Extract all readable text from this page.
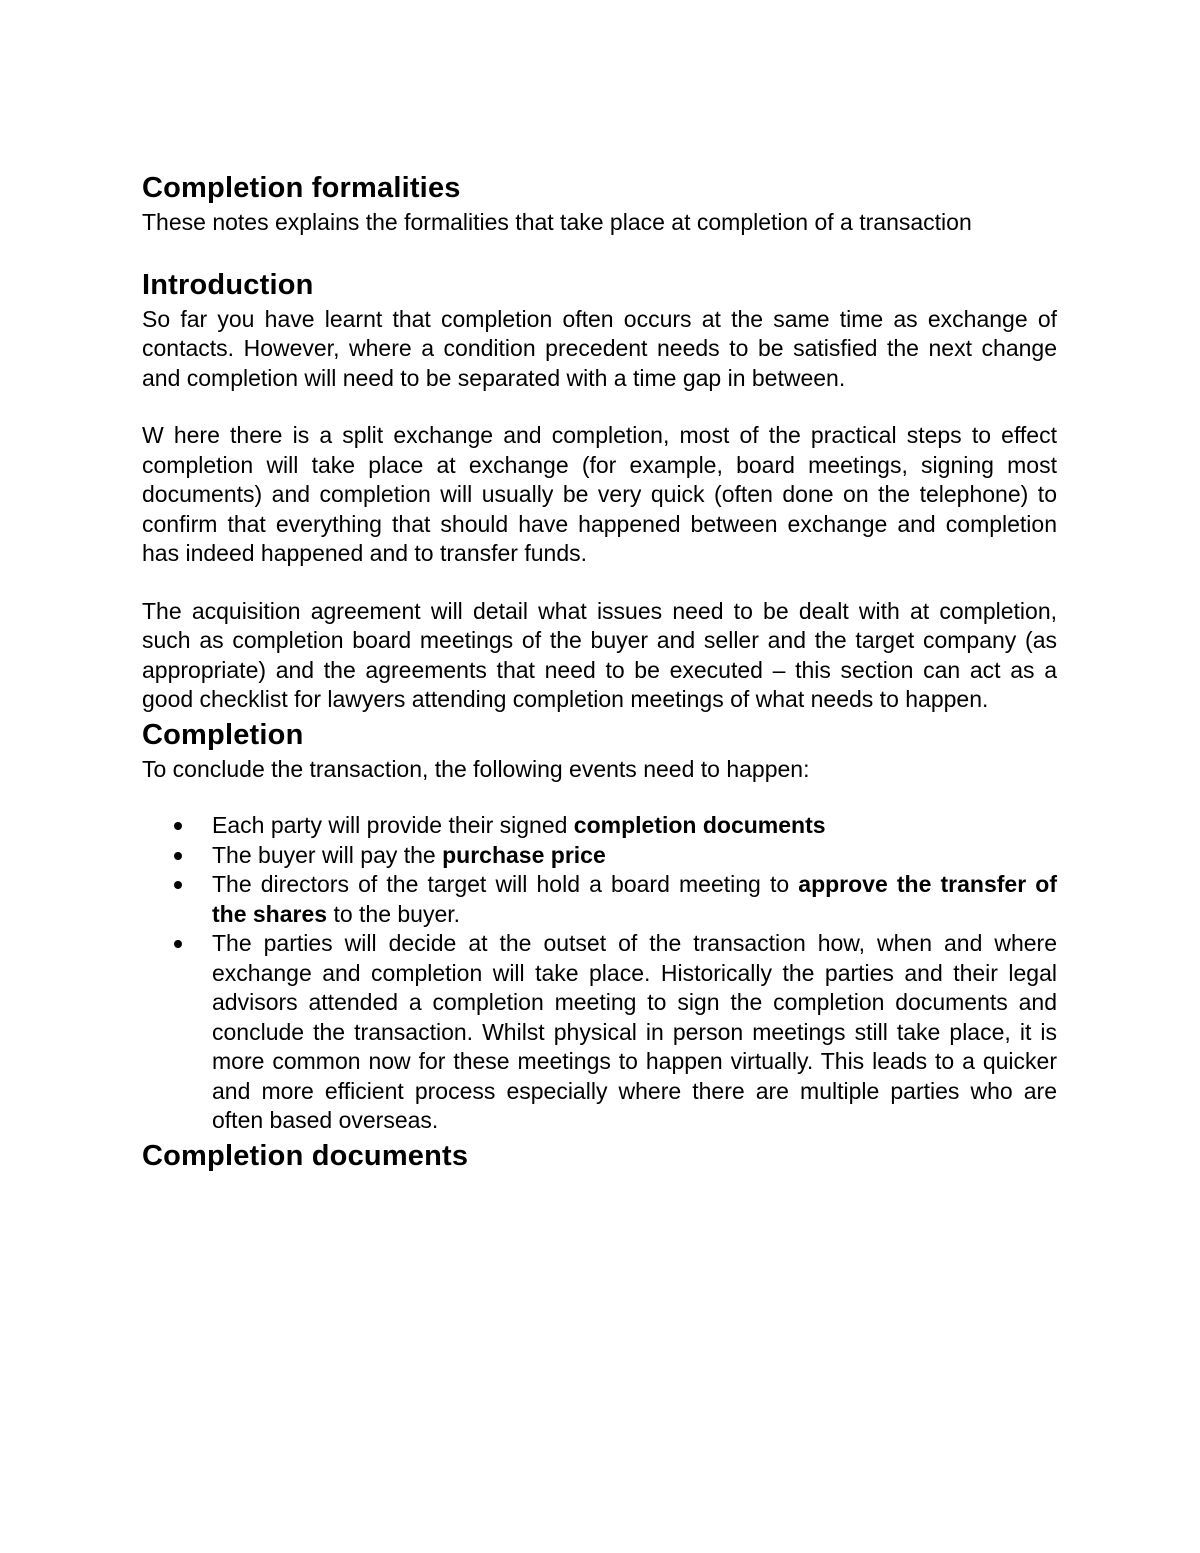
Completion formalities

These notes explains the formalities that take place at completion of a transaction

Introduction

So far you have learnt that completion often occurs at the same time as exchange of contacts. However, where a condition precedent needs to be satisfied the next change and completion will need to be separated with a time gap in between.

W here there is a split exchange and completion, most of the practical steps to effect completion will take place at exchange (for example, board meetings, signing most documents) and completion will usually be very quick (often done on the telephone) to confirm that everything that should have happened between exchange and completion has indeed happened and to transfer funds.

The acquisition agreement will detail what issues need to be dealt with at completion, such as completion board meetings of the buyer and seller and the target company (as appropriate) and the agreements that need to be executed – this section can act as a good checklist for lawyers attending completion meetings of what needs to happen.

Completion

To conclude the transaction, the following events need to happen:

Each party will provide their signed completion documents
The buyer will pay the purchase price
The directors of the target will hold a board meeting to approve the transfer of the shares to the buyer.
The parties will decide at the outset of the transaction how, when and where exchange and completion will take place. Historically the parties and their legal advisors attended a completion meeting to sign the completion documents and conclude the transaction. Whilst physical in person meetings still take place, it is more common now for these meetings to happen virtually. This leads to a quicker and more efficient process especially where there are multiple parties who are often based overseas.
Completion documents
